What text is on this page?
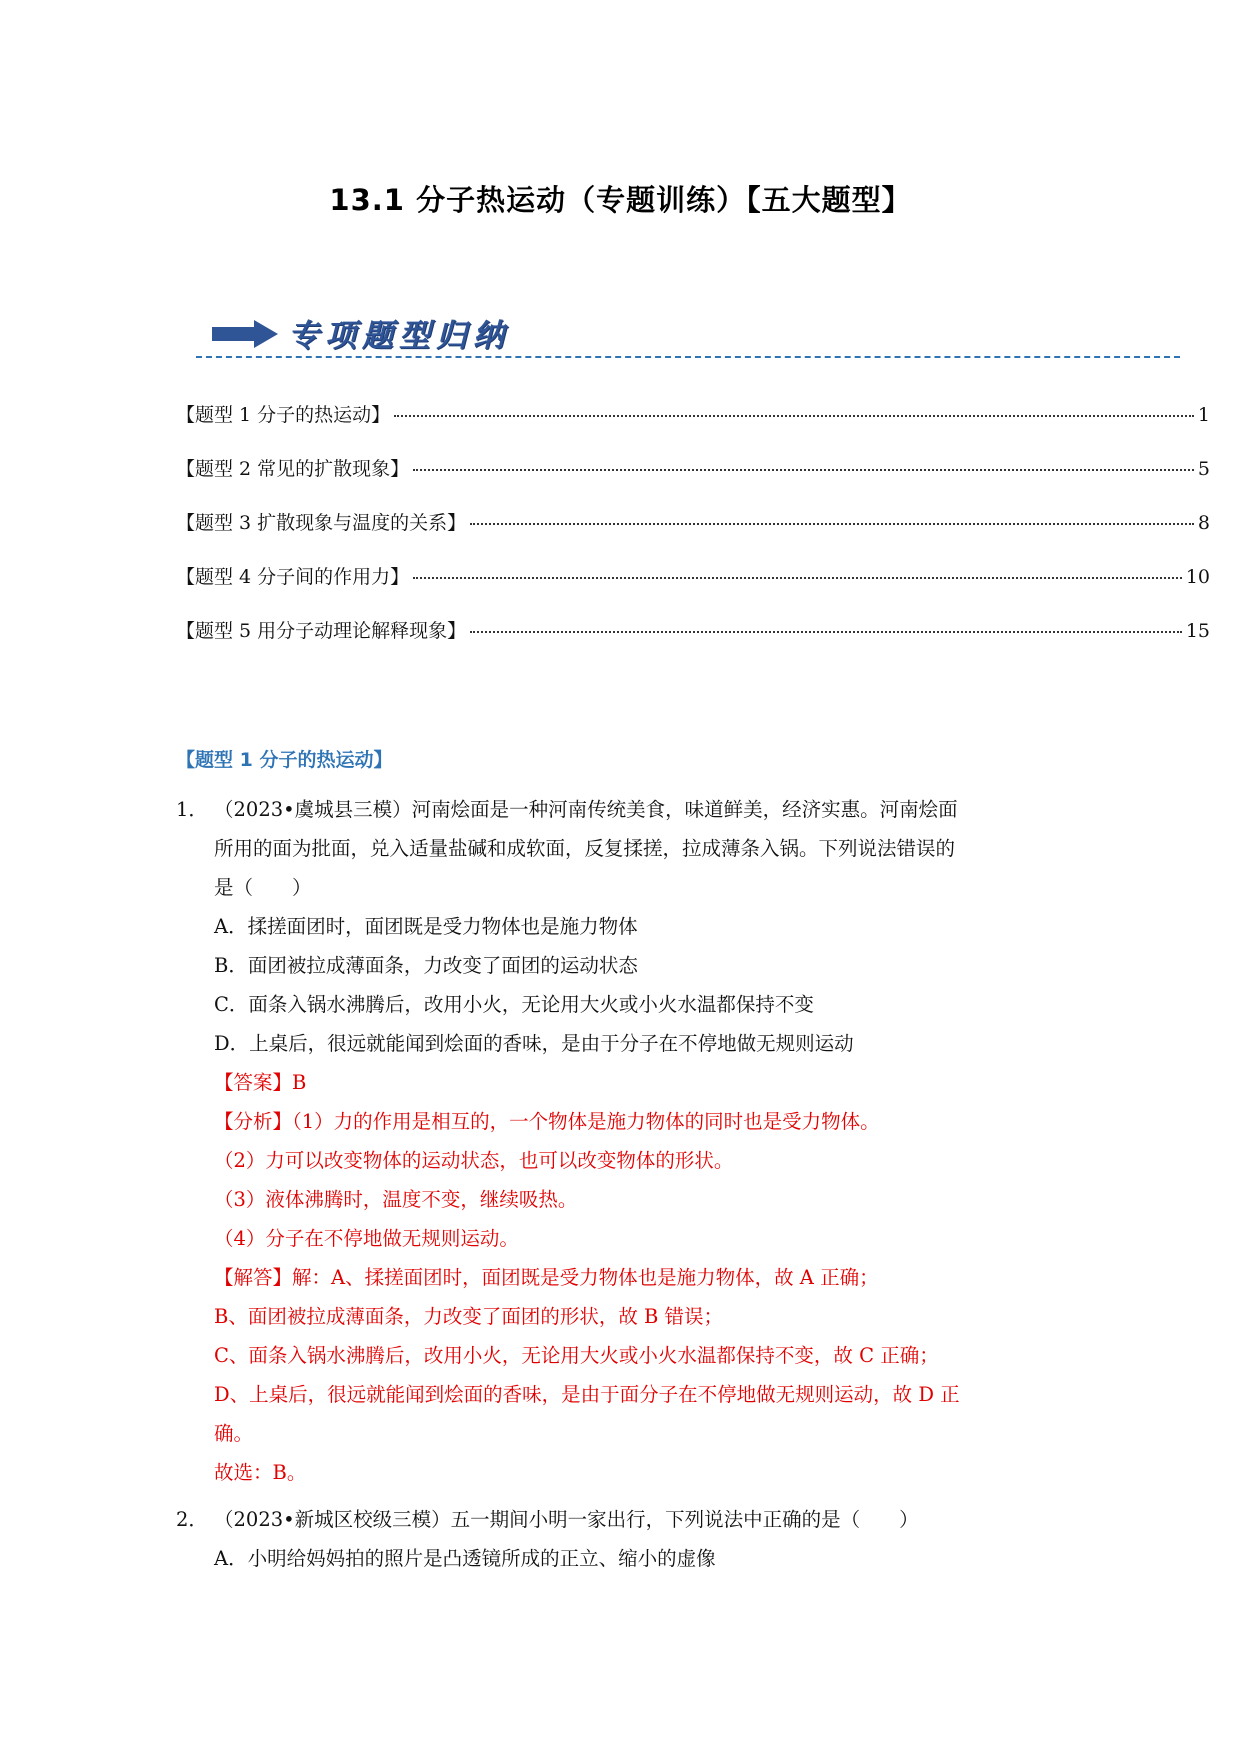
13.1 分子热运动（专题训练）【五大题型】
专项题型归纳
【题型 1 分子的热运动】	1
【题型 2 常见的扩散现象】	5
【题型 3 扩散现象与温度的关系】	8
【题型 4 分子间的作用力】	10
【题型 5 用分子动理论解释现象】	15
【题型 1 分子的热运动】
1． （2023•虞城县三模）河南烩面是一种河南传统美食，味道鲜美，经济实惠。河南烩面
所用的面为批面，兑入适量盐碱和成软面，反复揉搓，拉成薄条入锅。下列说法错误的
是（　　）
A．揉搓面团时，面团既是受力物体也是施力物体
B．面团被拉成薄面条，力改变了面团的运动状态
C．面条入锅水沸腾后，改用小火，无论用大火或小火水温都保持不变
D．上桌后，很远就能闻到烩面的香味，是由于分子在不停地做无规则运动
【答案】B
【分析】（1）力的作用是相互的，一个物体是施力物体的同时也是受力物体。
（2）力可以改变物体的运动状态，也可以改变物体的形状。
（3）液体沸腾时，温度不变，继续吸热。
（4）分子在不停地做无规则运动。
【解答】解：A、揉搓面团时，面团既是受力物体也是施力物体，故 A 正确；
B、面团被拉成薄面条，力改变了面团的形状，故 B 错误；
C、面条入锅水沸腾后，改用小火，无论用大火或小火水温都保持不变，故 C 正确；
D、上桌后，很远就能闻到烩面的香味，是由于面分子在不停地做无规则运动，故 D 正
确。
故选：B。
2． （2023•新城区校级三模）五一期间小明一家出行，下列说法中正确的是（　　）
A．小明给妈妈拍的照片是凸透镜所成的正立、缩小的虚像
